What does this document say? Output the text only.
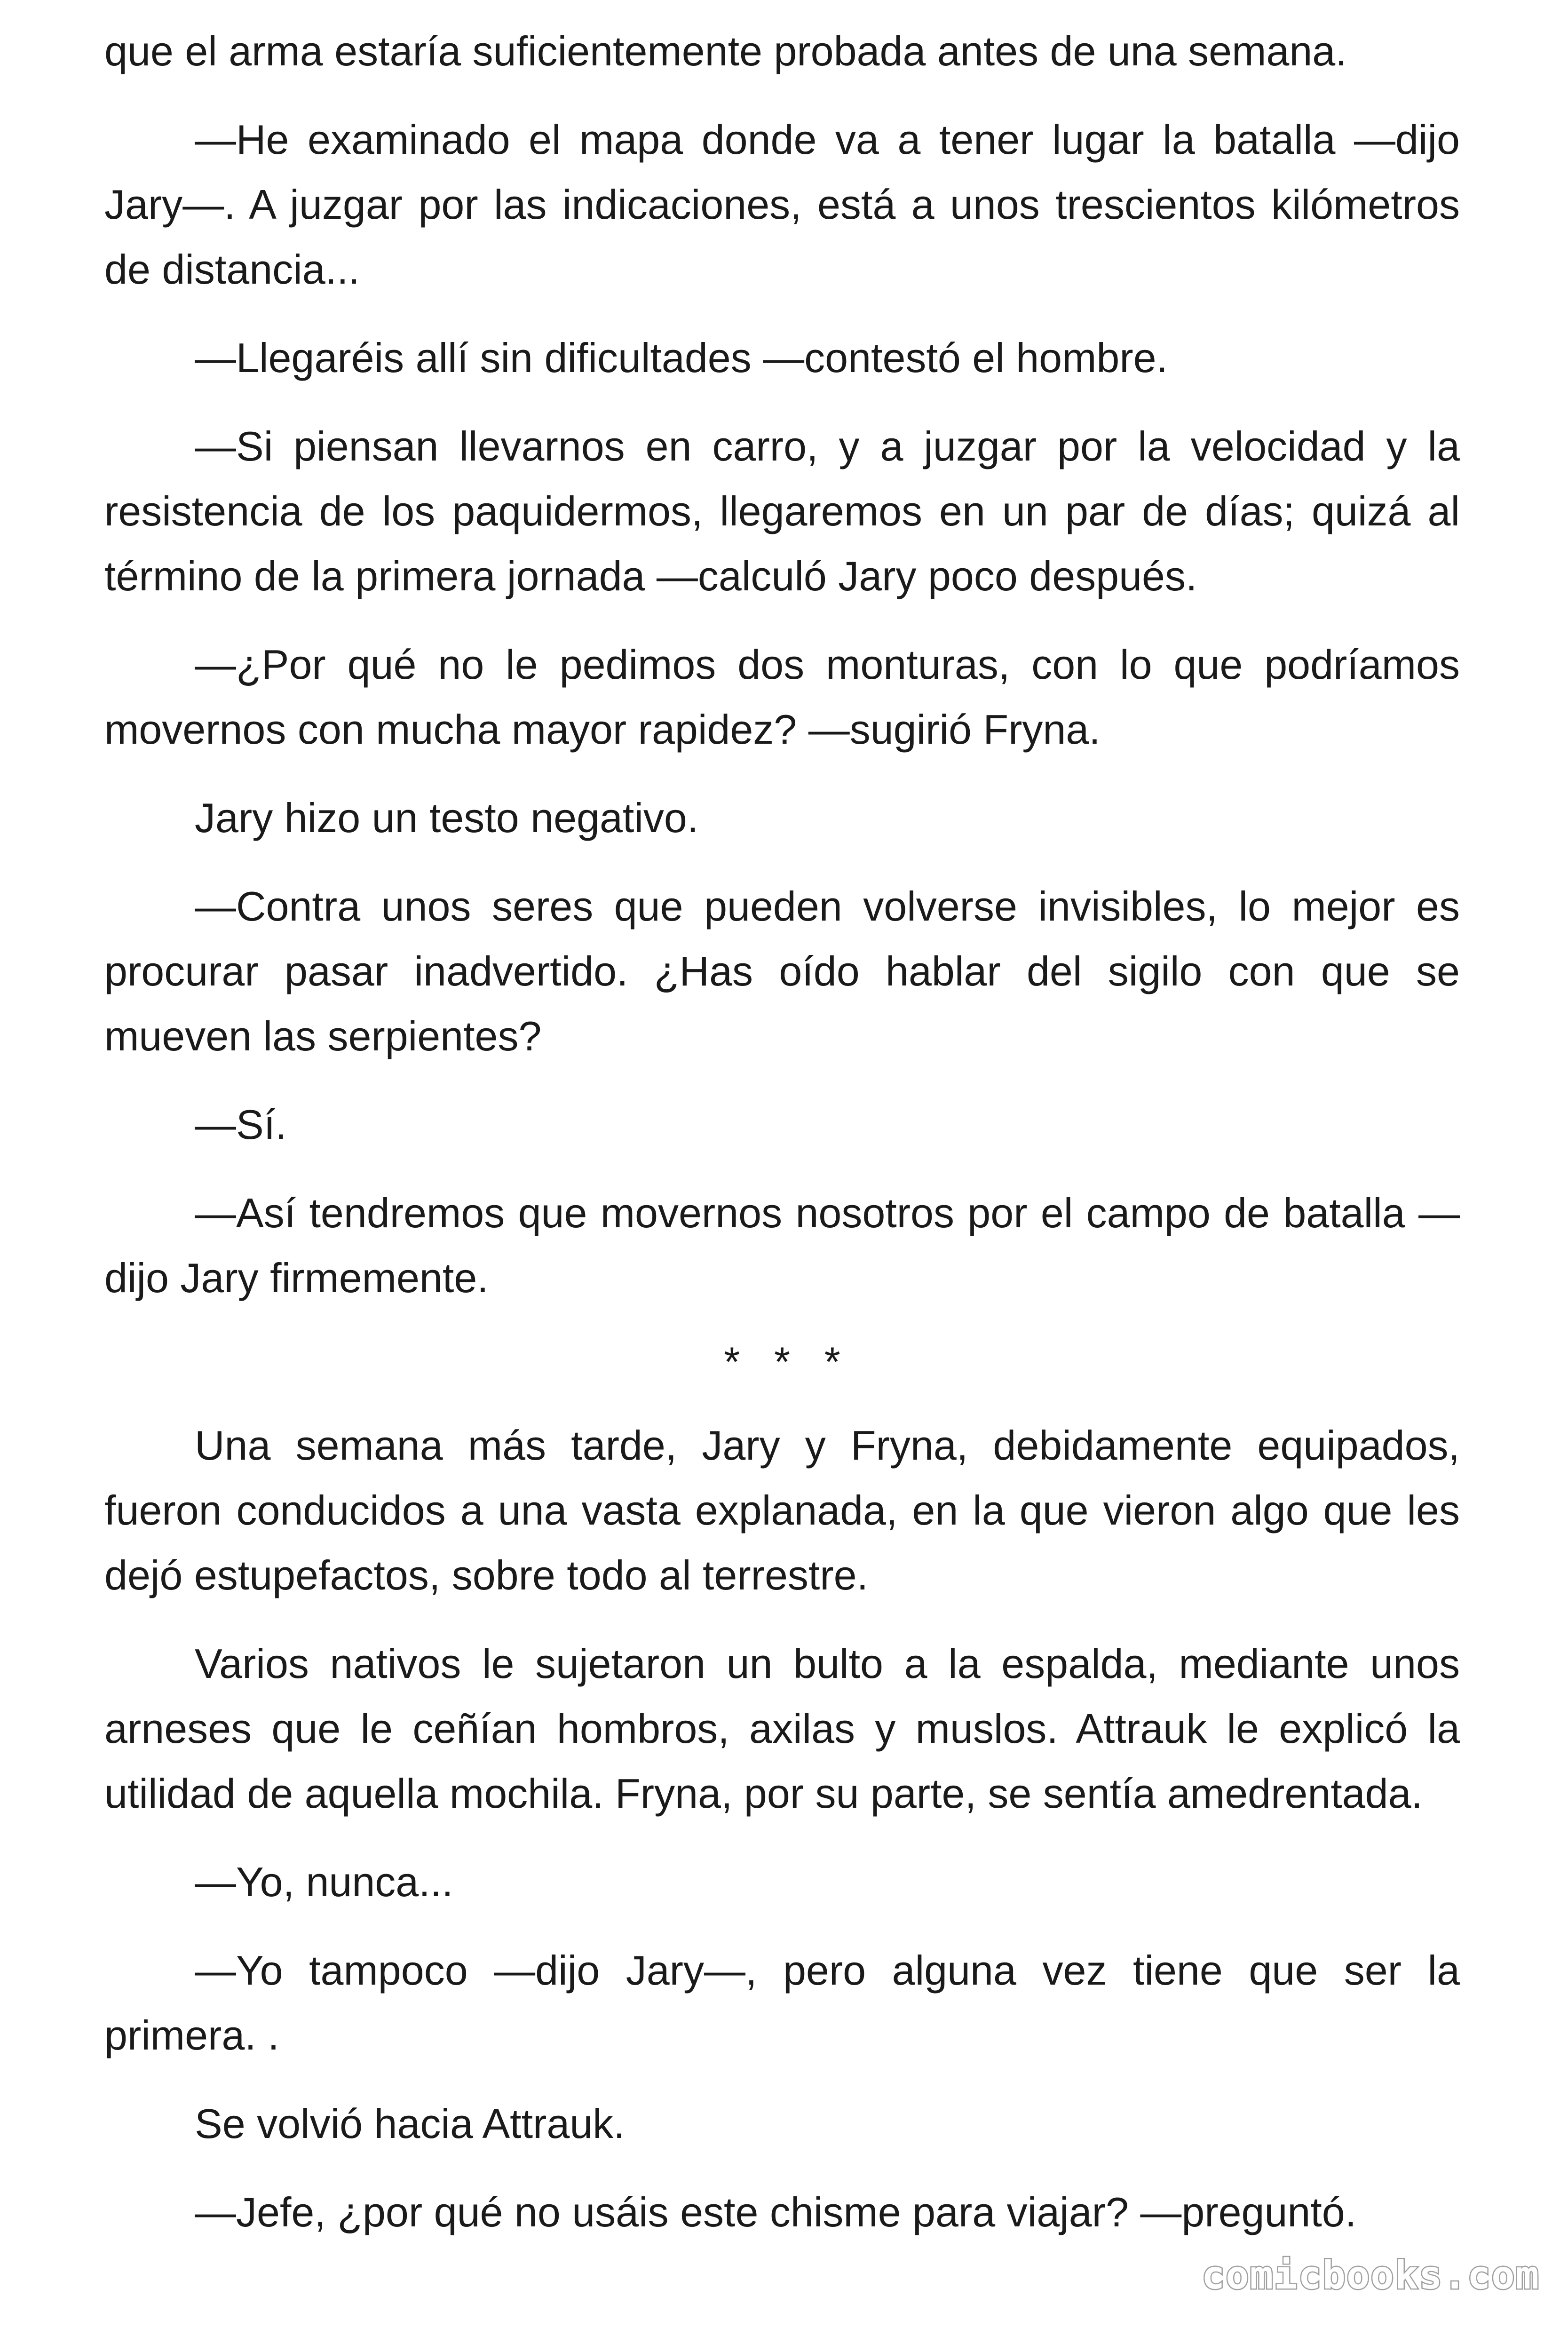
que el arma estaría suficientemente probada antes de una semana.

—He examinado el mapa donde va a tener lugar la batalla —dijo Jary—. A juzgar por las indicaciones, está a unos trescientos kilómetros de distancia...

—Llegaréis allí sin dificultades —contestó el hombre.

—Si piensan llevarnos en carro, y a juzgar por la velocidad y la resistencia de los paquidermos, llegaremos en un par de días; quizá al término de la primera jornada —calculó Jary poco después.

—¿Por qué no le pedimos dos monturas, con lo que podríamos movernos con mucha mayor rapidez? —sugirió Fryna.

Jary hizo un testo negativo.

—Contra unos seres que pueden volverse invisibles, lo mejor es procurar pasar inadvertido. ¿Has oído hablar del sigilo con que se mueven las serpientes?

—Sí.

—Así tendremos que movernos nosotros por el campo de batalla —dijo Jary firmemente.

* * *

Una semana más tarde, Jary y Fryna, debidamente equipados, fueron conducidos a una vasta explanada, en la que vieron algo que les dejó estupefactos, sobre todo al terrestre.

Varios nativos le sujetaron un bulto a la espalda, mediante unos arneses que le ceñían hombros, axilas y muslos. Attrauk le explicó la utilidad de aquella mochila. Fryna, por su parte, se sentía amedrentada.

—Yo, nunca...

—Yo tampoco —dijo Jary—, pero alguna vez tiene que ser la primera. .

Se volvió hacia Attrauk.

—Jefe, ¿por qué no usáis este chisme para viajar? —preguntó.

comicbooks.com
